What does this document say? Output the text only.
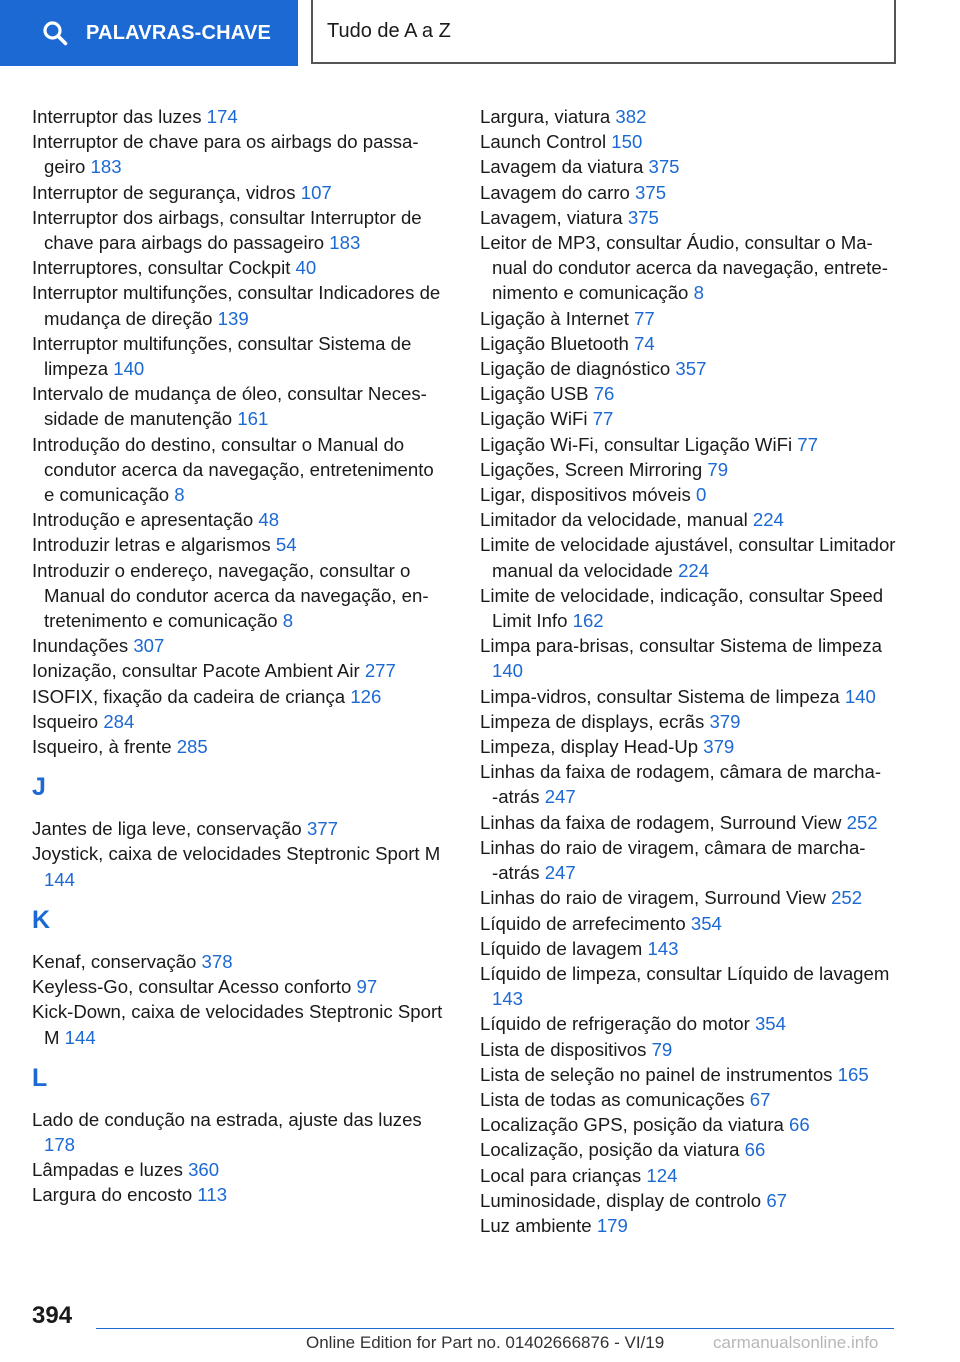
PALAVRAS-CHAVE	Tudo de A a Z
Interruptor das luzes 174
Interruptor de chave para os airbags do passageiro 183
Interruptor de segurança, vidros 107
Interruptor dos airbags, consultar Interruptor de chave para airbags do passageiro 183
Interruptores, consultar Cockpit 40
Interruptor multifunções, consultar Indicadores de mudança de direção 139
Interruptor multifunções, consultar Sistema de limpeza 140
Intervalo de mudança de óleo, consultar Necessidade de manutenção 161
Introdução do destino, consultar o Manual do condutor acerca da navegação, entretenimento e comunicação 8
Introdução e apresentação 48
Introduzir letras e algarismos 54
Introduzir o endereço, navegação, consultar o Manual do condutor acerca da navegação, entretenimento e comunicação 8
Inundações 307
Ionização, consultar Pacote Ambient Air 277
ISOFIX, fixação da cadeira de criança 126
Isqueiro 284
Isqueiro, à frente 285
J
Jantes de liga leve, conservação 377
Joystick, caixa de velocidades Steptronic Sport M 144
K
Kenaf, conservação 378
Keyless-Go, consultar Acesso conforto 97
Kick-Down, caixa de velocidades Steptronic Sport M 144
L
Lado de condução na estrada, ajuste das luzes 178
Lâmpadas e luzes 360
Largura do encosto 113
Largura, viatura 382
Launch Control 150
Lavagem da viatura 375
Lavagem do carro 375
Lavagem, viatura 375
Leitor de MP3, consultar Áudio, consultar o Manual do condutor acerca da navegação, entretenimento e comunicação 8
Ligação à Internet 77
Ligação Bluetooth 74
Ligação de diagnóstico 357
Ligação USB 76
Ligação WiFi 77
Ligação Wi-Fi, consultar Ligação WiFi 77
Ligações, Screen Mirroring 79
Ligar, dispositivos móveis 0
Limitador da velocidade, manual 224
Limite de velocidade ajustável, consultar Limitador manual da velocidade 224
Limite de velocidade, indicação, consultar Speed Limit Info 162
Limpa para-brisas, consultar Sistema de limpeza 140
Limpa-vidros, consultar Sistema de limpeza 140
Limpeza de displays, ecrãs 379
Limpeza, display Head-Up 379
Linhas da faixa de rodagem, câmara de marcha-‑atrás 247
Linhas da faixa de rodagem, Surround View 252
Linhas do raio de viragem, câmara de marcha-‑atrás 247
Linhas do raio de viragem, Surround View 252
Líquido de arrefecimento 354
Líquido de lavagem 143
Líquido de limpeza, consultar Líquido de lavagem 143
Líquido de refrigeração do motor 354
Lista de dispositivos 79
Lista de seleção no painel de instrumentos 165
Lista de todas as comunicações 67
Localização GPS, posição da viatura 66
Localização, posição da viatura 66
Local para crianças 124
Luminosidade, display de controlo 67
Luz ambiente 179
394
Online Edition for Part no. 01402666876 - VI/19	carmanualsonline.info
